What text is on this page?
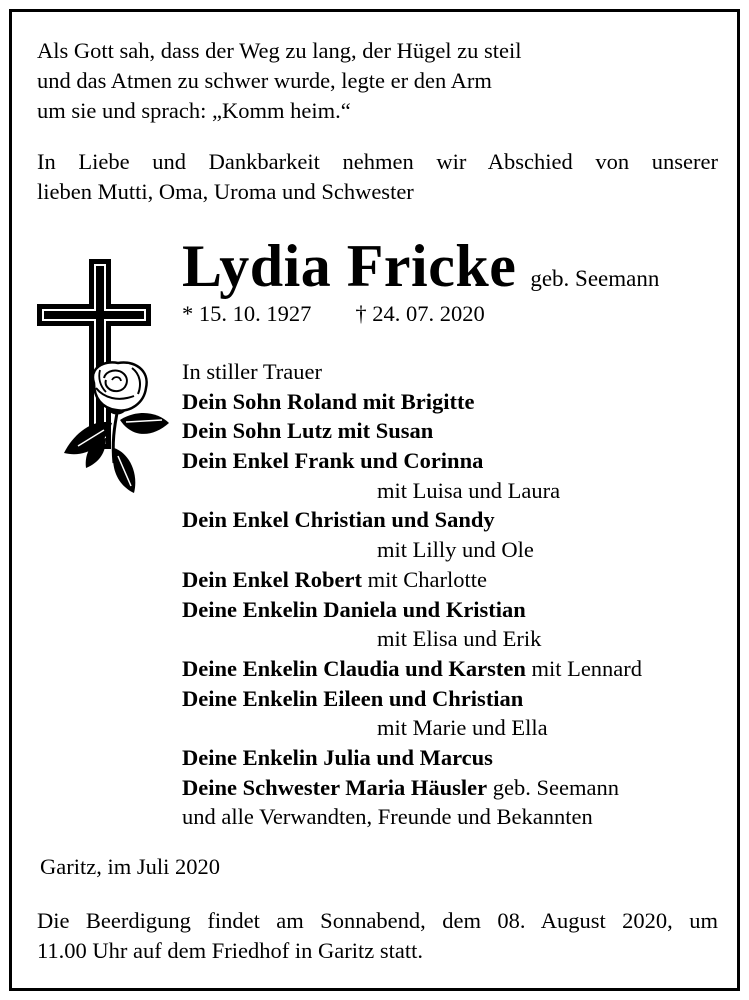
Als Gott sah, dass der Weg zu lang, der Hügel zu steil
und das Atmen zu schwer wurde, legte er den Arm
um sie und sprach: „Komm heim.“
In Liebe und Dankbarkeit nehmen wir Abschied von unserer
lieben Mutti, Oma, Uroma und Schwester
Lydia Fricke geb. Seemann
* 15. 10. 1927 † 24. 07. 2020
In stiller Trauer
Dein Sohn Roland mit Brigitte
Dein Sohn Lutz mit Susan
Dein Enkel Frank und Corinna
mit Luisa und Laura
Dein Enkel Christian und Sandy
mit Lilly und Ole
Dein Enkel Robert mit Charlotte
Deine Enkelin Daniela und Kristian
mit Elisa und Erik
Deine Enkelin Claudia und Karsten mit Lennard
Deine Enkelin Eileen und Christian
mit Marie und Ella
Deine Enkelin Julia und Marcus
Deine Schwester Maria Häusler geb. Seemann
und alle Verwandten, Freunde und Bekannten
Garitz, im Juli 2020
Die Beerdigung findet am Sonnabend, dem 08. August 2020, um
11.00 Uhr auf dem Friedhof in Garitz statt.
